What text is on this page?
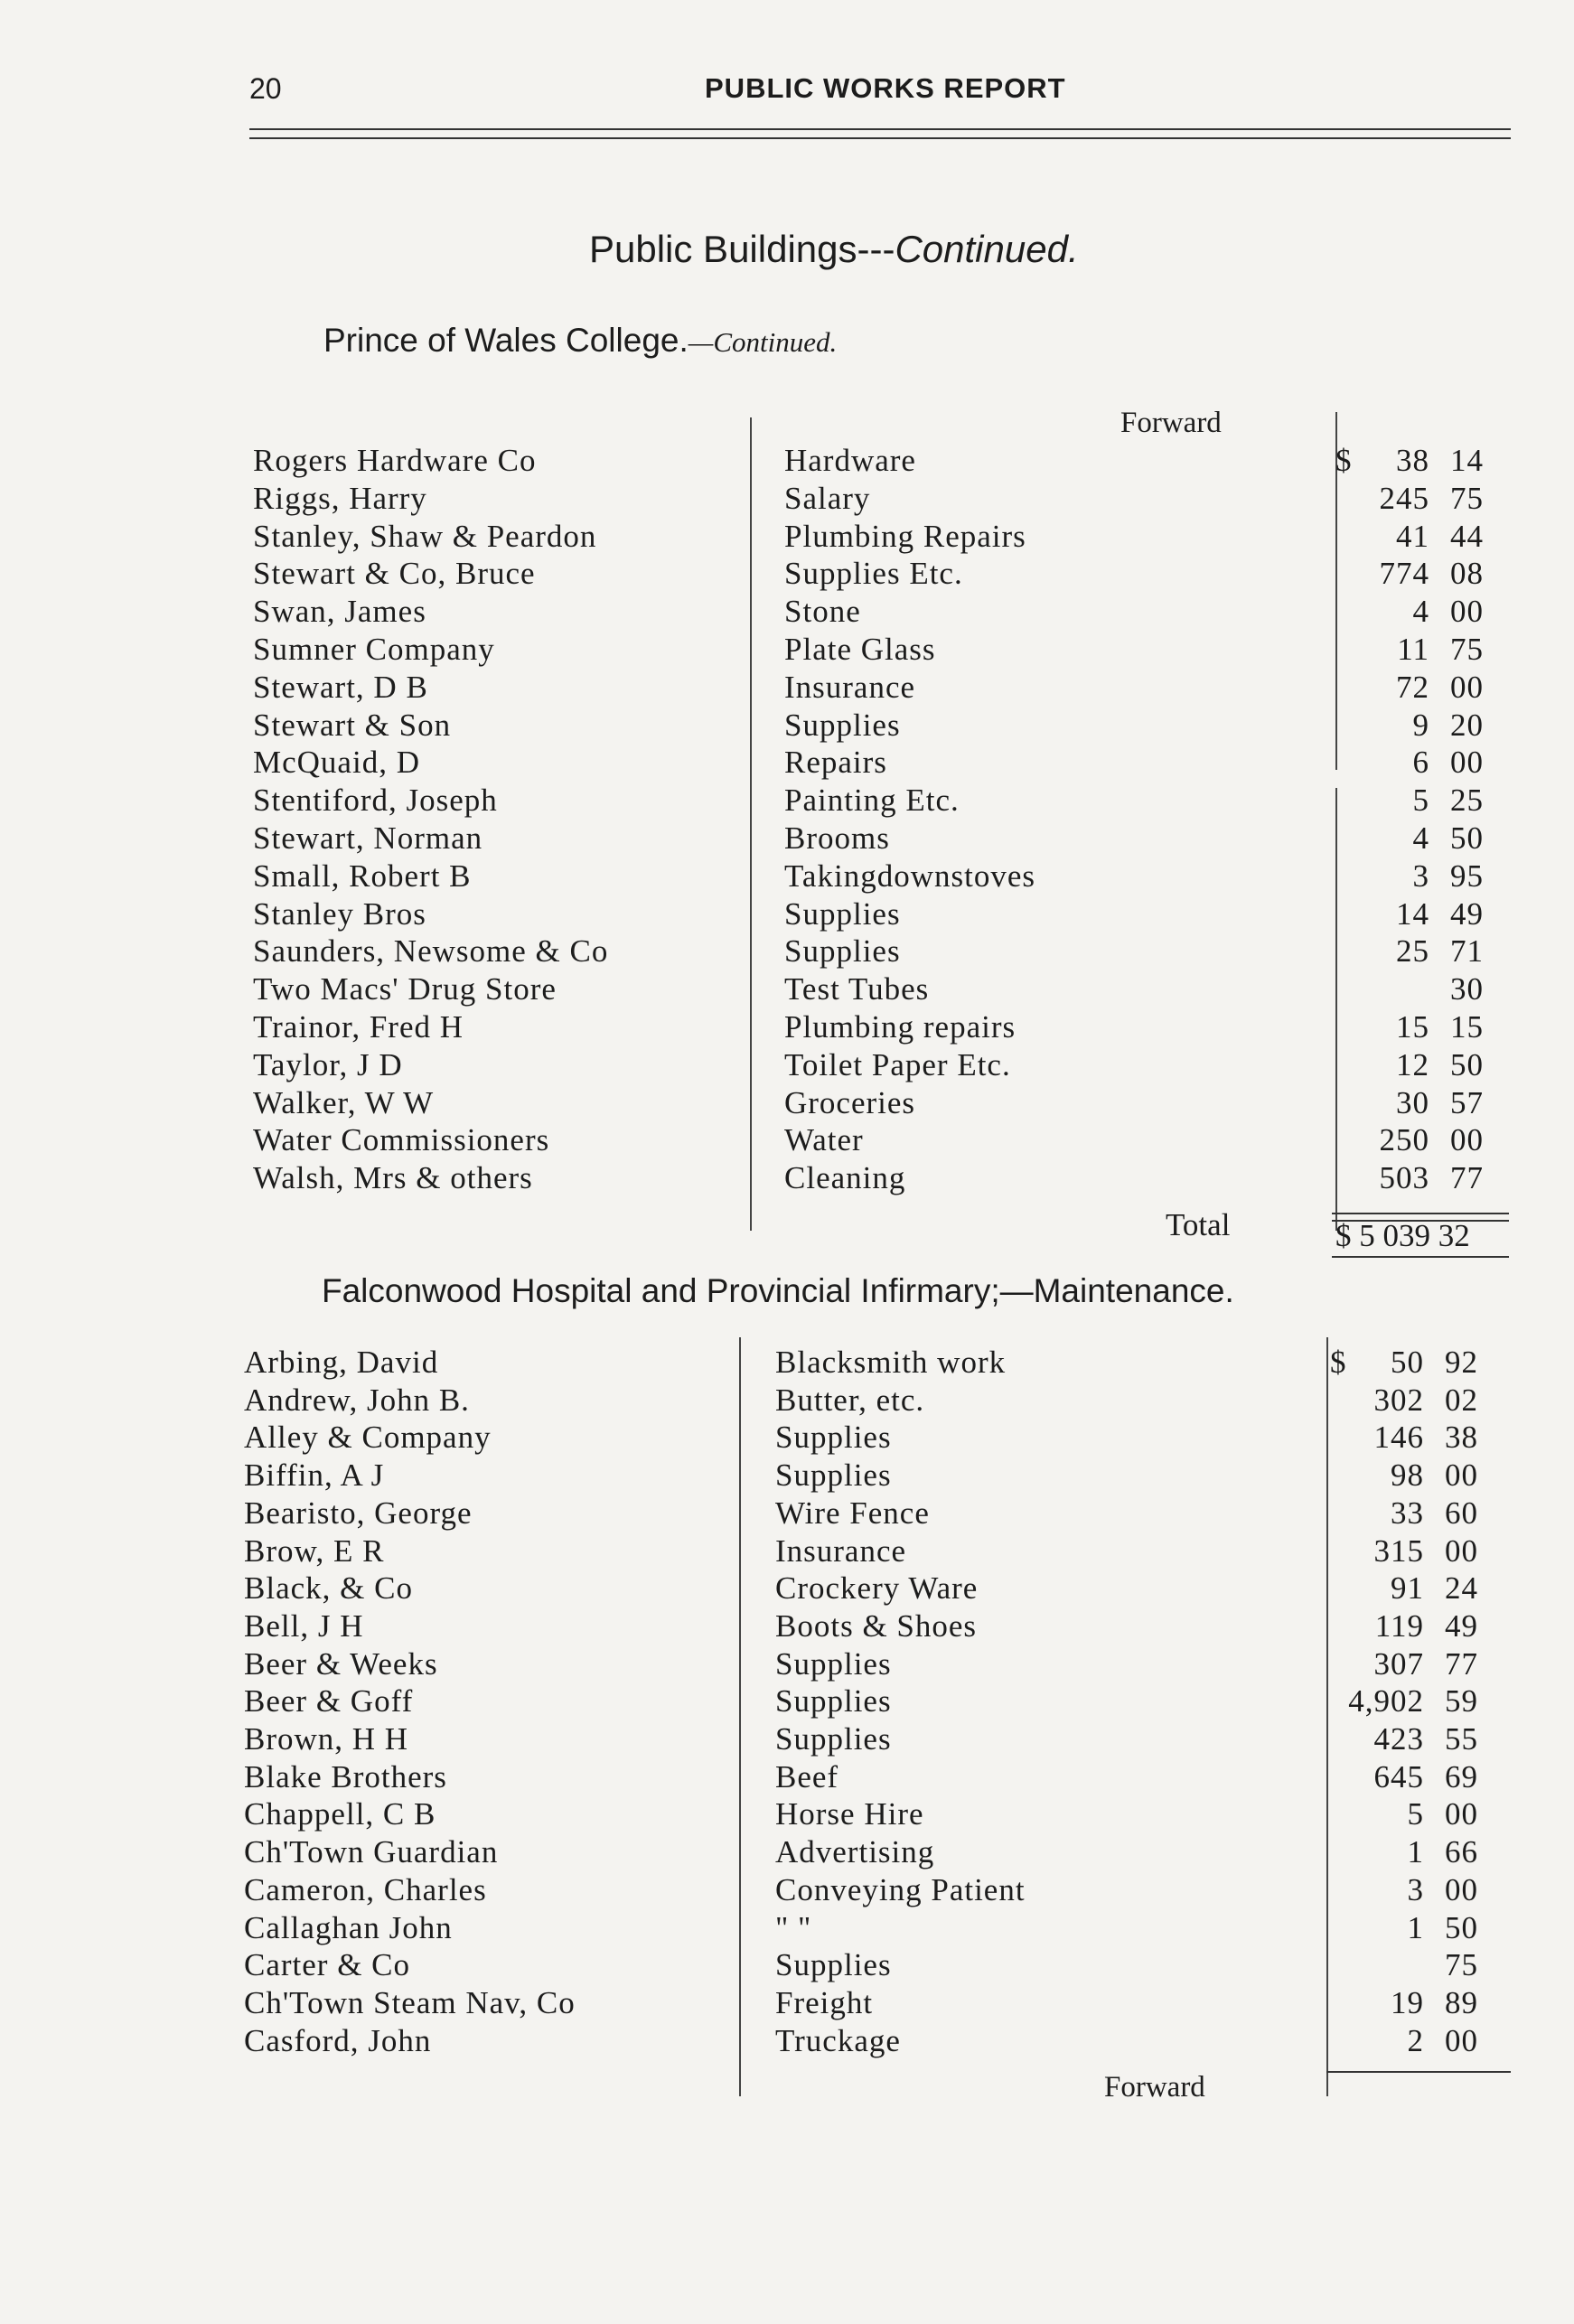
20	PUBLIC WORKS REPORT
Public Buildings---Continued.
Prince of Wales College.—Continued.
Forward
Rogers Hardware Co	Hardware	$	38 14
Riggs, Harry	Salary	245 75
Stanley, Shaw & Peardon	Plumbing Repairs	41 44
Stewart & Co, Bruce	Supplies Etc.	774 08
Swan, James	Stone	4 00
Sumner Company	Plate Glass	11 75
Stewart, D B	Insurance	72 00
Stewart & Son	Supplies	9 20
McQuaid, D	Repairs	6 00
Stentiford, Joseph	Painting Etc.	5 25
Stewart, Norman	Brooms	4 50
Small, Robert B	Takingdownstoves	3 95
Stanley Bros	Supplies	14 49
Saunders, Newsome & Co	Supplies	25 71
Two Macs' Drug Store	Test Tubes	30
Trainor, Fred H	Plumbing repairs	15 15
Taylor, J D	Toilet Paper Etc.	12 50
Walker, W W	Groceries	30 57
Water Commissioners	Water	250 00
Walsh, Mrs & others	Cleaning	503 77
Total	$ 5 039 32
Falconwood Hospital and Provincial Infirmary;—Maintenance.
Arbing, David	Blacksmith work	$	50 92
Andrew, John B.	Butter, etc.	302 02
Alley & Company	Supplies	146 38
Biffin, A J	Supplies	98 00
Bearisto, George	Wire Fence	33 60
Brow, E R	Insurance	315 00
Black, & Co	Crockery Ware	91 24
Bell, J H	Boots & Shoes	119 49
Beer & Weeks	Supplies	307 77
Beer & Goff	Supplies	4,902 59
Brown, H H	Supplies	423 55
Blake Brothers	Beef	645 69
Chappell, C B	Horse Hire	5 00
Ch'Town Guardian	Advertising	1 66
Cameron, Charles	Conveying Patient	3 00
Callaghan John	" "	1 50
Carter & Co	Supplies	75
Ch'Town Steam Nav, Co	Freight	19 89
Casford, John	Truckage	2 00
Forward
